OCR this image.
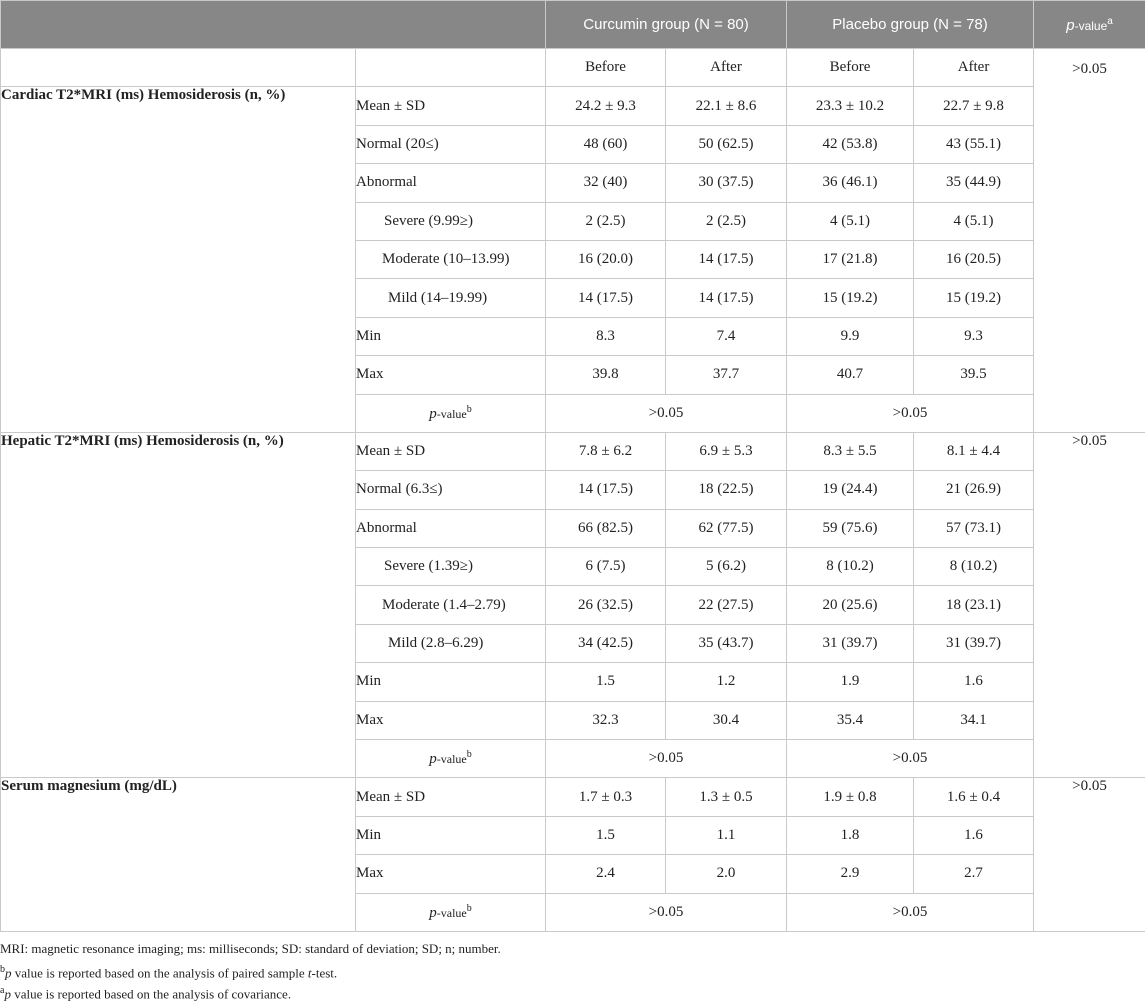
		Curcumin group (N = 80)		Placebo group (N = 78)		p-value$^a$
		Before	After	Before	After	>0.05
Cardiac T2*MRI (ms) Hemosiderosis (n, %)	Mean ± SD	24.2 ± 9.3	22.1 ± 8.6	23.3 ± 10.2	22.7 ± 9.8	
	Normal (20≤)	48 (60)	50 (62.5)	42 (53.8)	43 (55.1)	
	Abnormal	32 (40)	30 (37.5)	36 (46.1)	35 (44.9)	
	Severe (9.99≥)	2 (2.5)	2 (2.5)	4 (5.1)	4 (5.1)	
	Moderate (10–13.99)	16 (20.0)	14 (17.5)	17 (21.8)	16 (20.5)	
	Mild (14–19.99)	14 (17.5)	14 (17.5)	15 (19.2)	15 (19.2)	
	Min	8.3	7.4	9.9	9.3	
	Max	39.8	37.7	40.7	39.5	
	p-value$^b$	>0.05		>0.05		
Hepatic T2*MRI (ms) Hemosiderosis (n, %)	Mean ± SD	7.8 ± 6.2	6.9 ± 5.3	8.3 ± 5.5	8.1 ± 4.4	>0.05
	Normal (6.3≤)	14 (17.5)	18 (22.5)	19 (24.4)	21 (26.9)	
	Abnormal	66 (82.5)	62 (77.5)	59 (75.6)	57 (73.1)	
	Severe (1.39≥)	6 (7.5)	5 (6.2)	8 (10.2)	8 (10.2)	
	Moderate (1.4–2.79)	26 (32.5)	22 (27.5)	20 (25.6)	18 (23.1)	
	Mild (2.8–6.29)	34 (42.5)	35 (43.7)	31 (39.7)	31 (39.7)	
	Min	1.5	1.2	1.9	1.6	
	Max	32.3	30.4	35.4	34.1	
	p-value$^b$	>0.05		>0.05		
Serum magnesium (mg/dL)	Mean ± SD	1.7 ± 0.3	1.3 ± 0.5	1.9 ± 0.8	1.6 ± 0.4	>0.05
	Min	1.5	1.1	1.8	1.6	
	Max	2.4	2.0	2.9	2.7	
	p-value$^b$	>0.05		>0.05		
MRI: magnetic resonance imaging; ms: milliseconds; SD: standard of deviation; SD; n; number.
$^b$p value is reported based on the analysis of paired sample t-test.
$^a$p value is reported based on the analysis of covariance.
